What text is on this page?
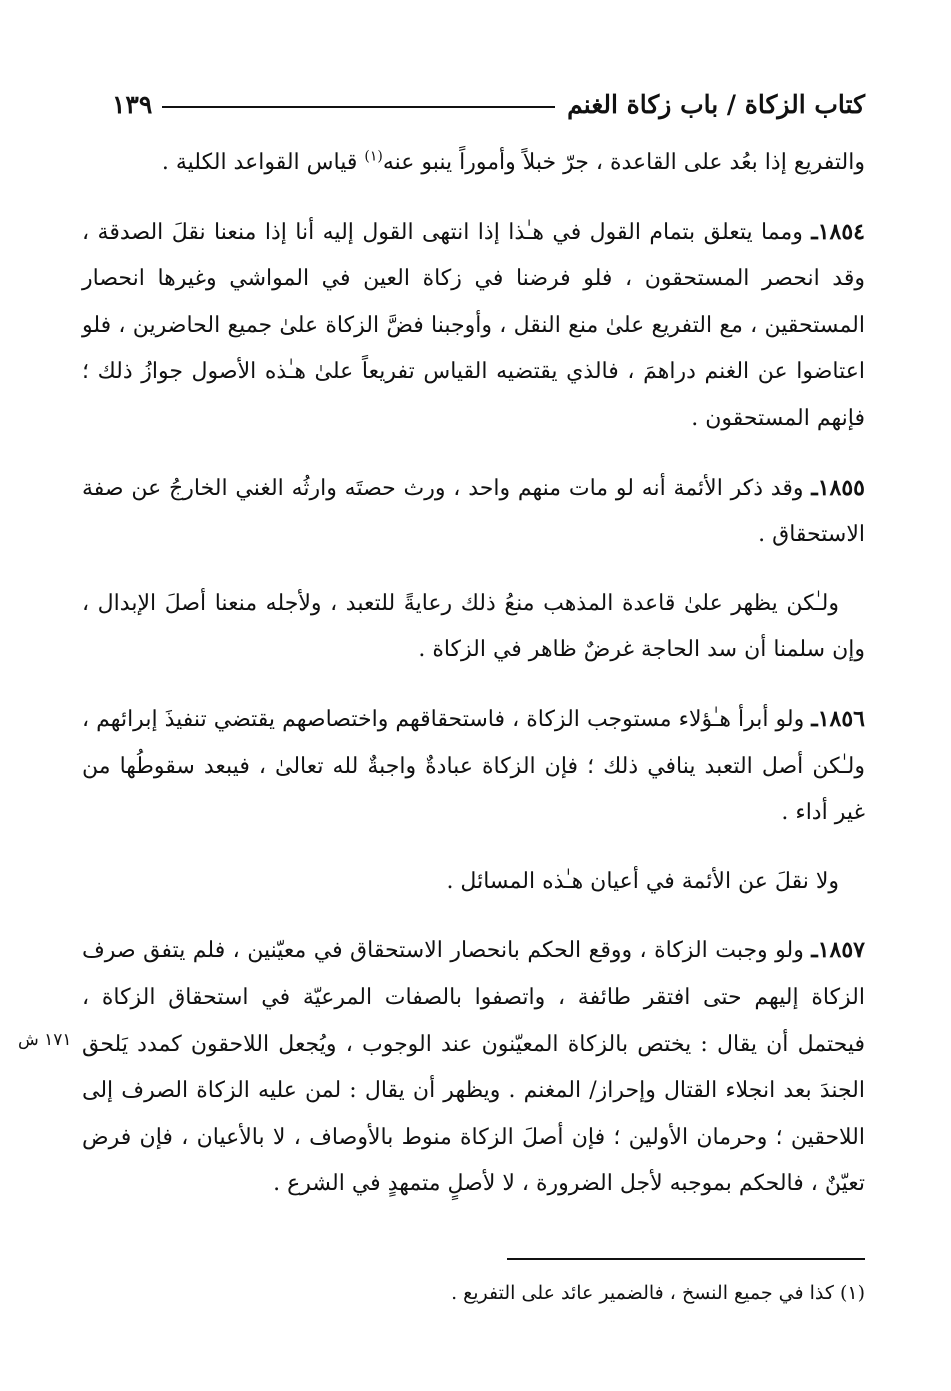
كتاب الزكاة / باب زكاة الغنم
١٣٩

والتفريع إذا بعُد على القاعدة ، جرّ خبلاً وأموراً ينبو عنه$^{(١)}$ قياس القواعد الكلية .

١٨٥٤ـ ومما يتعلق بتمام القول في هـٰذا إذا انتهى القول إليه أنا إذا منعنا نقلَ الصدقة ، وقد انحصر المستحقون ، فلو فرضنا في زكاة العين في المواشي وغيرها انحصار المستحقين ، مع التفريع علىٰ منع النقل ، وأوجبنا فضَّ الزكاة علىٰ جميع الحاضرين ، فلو اعتاضوا عن الغنم دراهمَ ، فالذي يقتضيه القياس تفريعاً علىٰ هـٰذه الأصول جوازُ ذلك ؛ فإنهم المستحقون .

١٨٥٥ـ وقد ذكر الأئمة أنه لو مات منهم واحد ، ورث حصتَه وارثُه الغني الخارجُ عن صفة الاستحقاق .

ولـٰكن يظهر علىٰ قاعدة المذهب منعُ ذلك رعايةً للتعبد ، ولأجله منعنا أصلَ الإبدال ، وإن سلمنا أن سد الحاجة غرضٌ ظاهر في الزكاة .

١٨٥٦ـ ولو أبرأ هـٰؤلاء مستوجب الزكاة ، فاستحقاقهم واختصاصهم يقتضي تنفيذَ إبرائهم ، ولـٰكن أصل التعبد ينافي ذلك ؛ فإن الزكاة عبادةٌ واجبةٌ لله تعالىٰ ، فيبعد سقوطُها من غير أداء .

ولا نقلَ عن الأئمة في أعيان هـٰذه المسائل .

١٨٥٧ـ ولو وجبت الزكاة ، ووقع الحكم بانحصار الاستحقاق في معيّنين ، فلم يتفق صرف الزكاة إليهم حتى افتقر طائفة ، واتصفوا بالصفات المرعيّة في استحقاق الزكاة ، فيحتمل أن يقال : يختص بالزكاة المعيّنون عند الوجوب ، ويُجعل اللاحقون كمدد يَلحق الجندَ بعد انجلاء القتال وإحراز/ المغنم . ويظهر أن يقال : لمن عليه الزكاة الصرف إلى اللاحقين ؛ وحرمان الأولين ؛ فإن أصلَ الزكاة منوط بالأوصاف ، لا بالأعيان ، فإن فرض تعيّنٌ ، فالحكم بموجبه لأجل الضرورة ، لا لأصلٍ متمهدٍ في الشرع .

١٧١ ش
(١) كذا في جميع النسخ ، فالضمير عائد على التفريع .
